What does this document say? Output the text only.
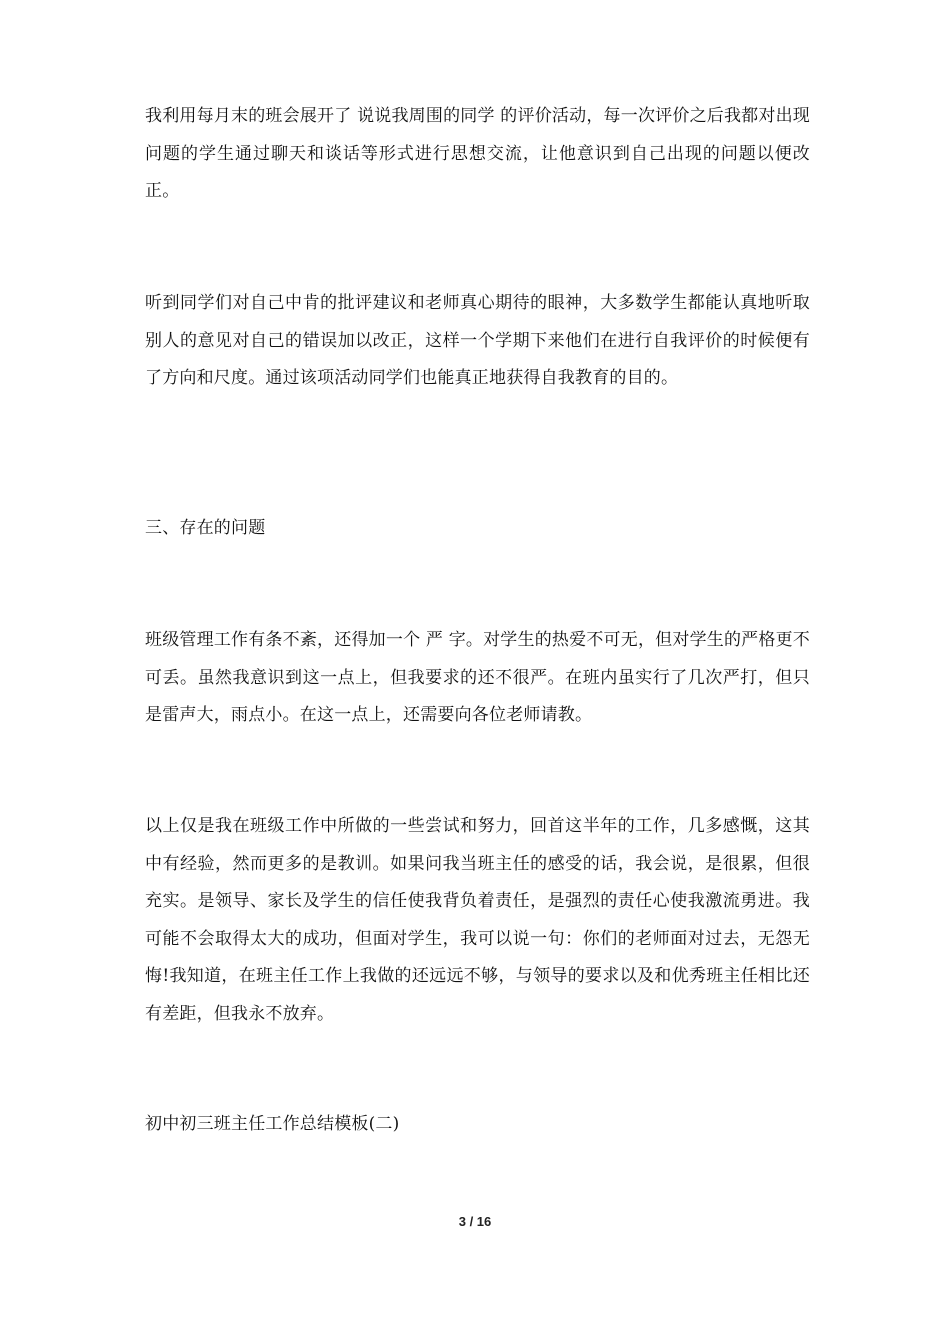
我利用每月末的班会展开了 说说我周围的同学 的评价活动，每一次评价之后我都对出现问题的学生通过聊天和谈话等形式进行思想交流，让他意识到自己出现的问题以便改正。

听到同学们对自己中肯的批评建议和老师真心期待的眼神，大多数学生都能认真地听取别人的意见对自己的错误加以改正，这样一个学期下来他们在进行自我评价的时候便有了方向和尺度。通过该项活动同学们也能真正地获得自我教育的目的。

三、存在的问题

班级管理工作有条不紊，还得加一个 严 字。对学生的热爱不可无，但对学生的严格更不可丢。虽然我意识到这一点上，但我要求的还不很严。在班内虽实行了几次严打，但只是雷声大，雨点小。在这一点上，还需要向各位老师请教。

以上仅是我在班级工作中所做的一些尝试和努力，回首这半年的工作，几多感慨，这其中有经验，然而更多的是教训。如果问我当班主任的感受的话，我会说，是很累，但很充实。是领导、家长及学生的信任使我背负着责任，是强烈的责任心使我激流勇进。我可能不会取得太大的成功，但面对学生，我可以说一句：你们的老师面对过去，无怨无悔!我知道，在班主任工作上我做的还远远不够，与领导的要求以及和优秀班主任相比还有差距，但我永不放弃。

初中初三班主任工作总结模板(二)

3 / 16
